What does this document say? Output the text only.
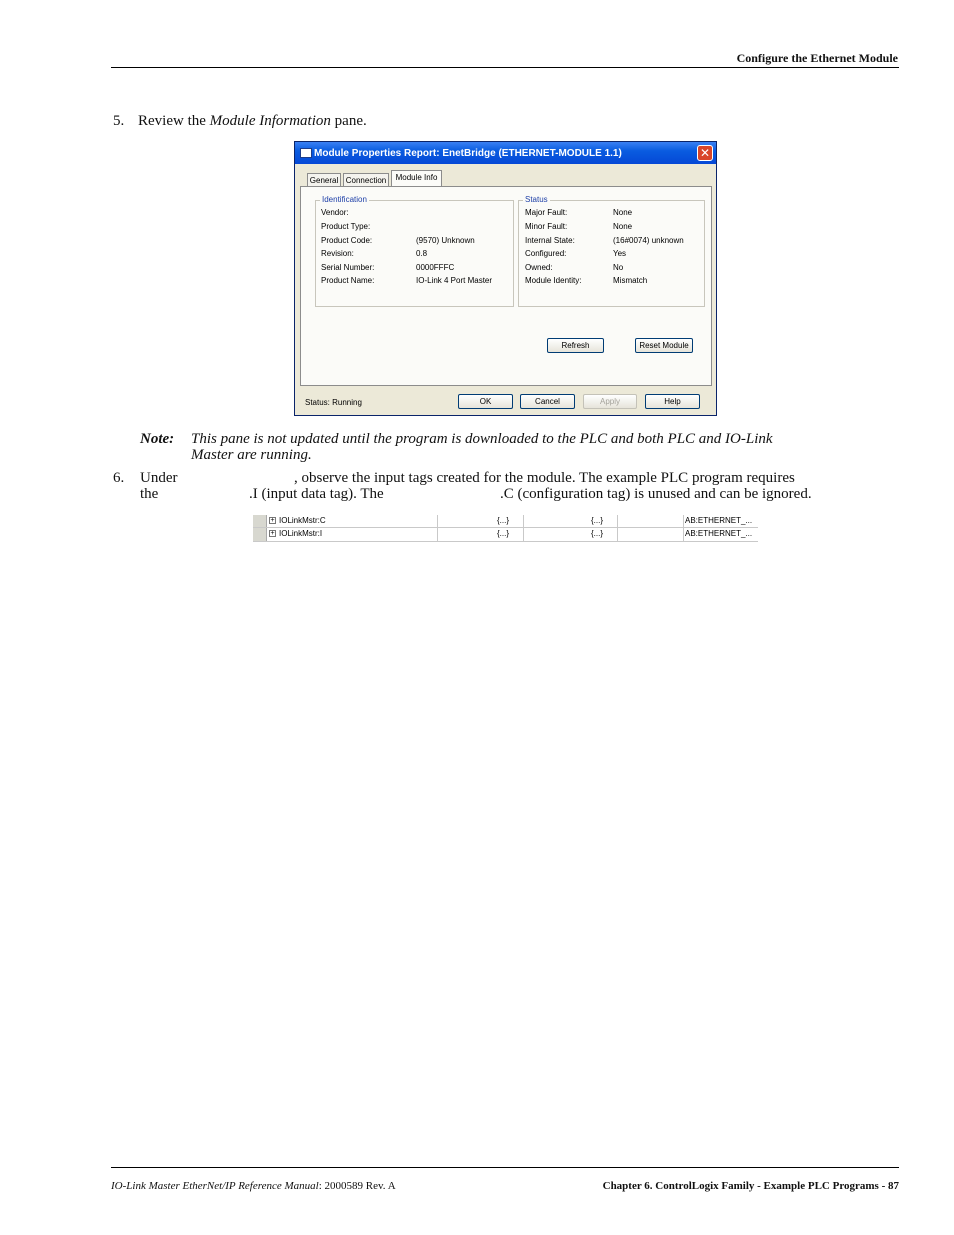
Configure the Ethernet Module
5. Review the Module Information pane.
Module Properties Report: EnetBridge (ETHERNET-MODULE 1.1)	✕
General Connection	Module Info
Identification
Vendor:
Product Type:
Product Code:	(9570) Unknown
Revision:	0.8
Serial Number:	0000FFFC
Product Name:	IO-Link 4 Port Master
Status
Major Fault:	None
Minor Fault:	None
Internal State:	(16#0074) unknown
Configured:	Yes
Owned:	No
Module Identity:	Mismatch
Refresh	Reset Module
Status: Running	OK	Cancel	Apply	Help
Note: This pane is not updated until the program is downloaded to the PLC and both PLC and IO-Link
Master are running.
6. Under	, observe the input tags created for the module. The example PLC program requires
the	.I (input data tag). The	.C (configuration tag) is unused and can be ignored.
+ IOLinkMstr:C	{...}	{...}	AB:ETHERNET_...
+ IOLinkMstr:I	{...}	{...}	AB:ETHERNET_...
IO-Link Master EtherNet/IP Reference Manual: 2000589 Rev. A	Chapter 6. ControlLogix Family - Example PLC Programs - 87
